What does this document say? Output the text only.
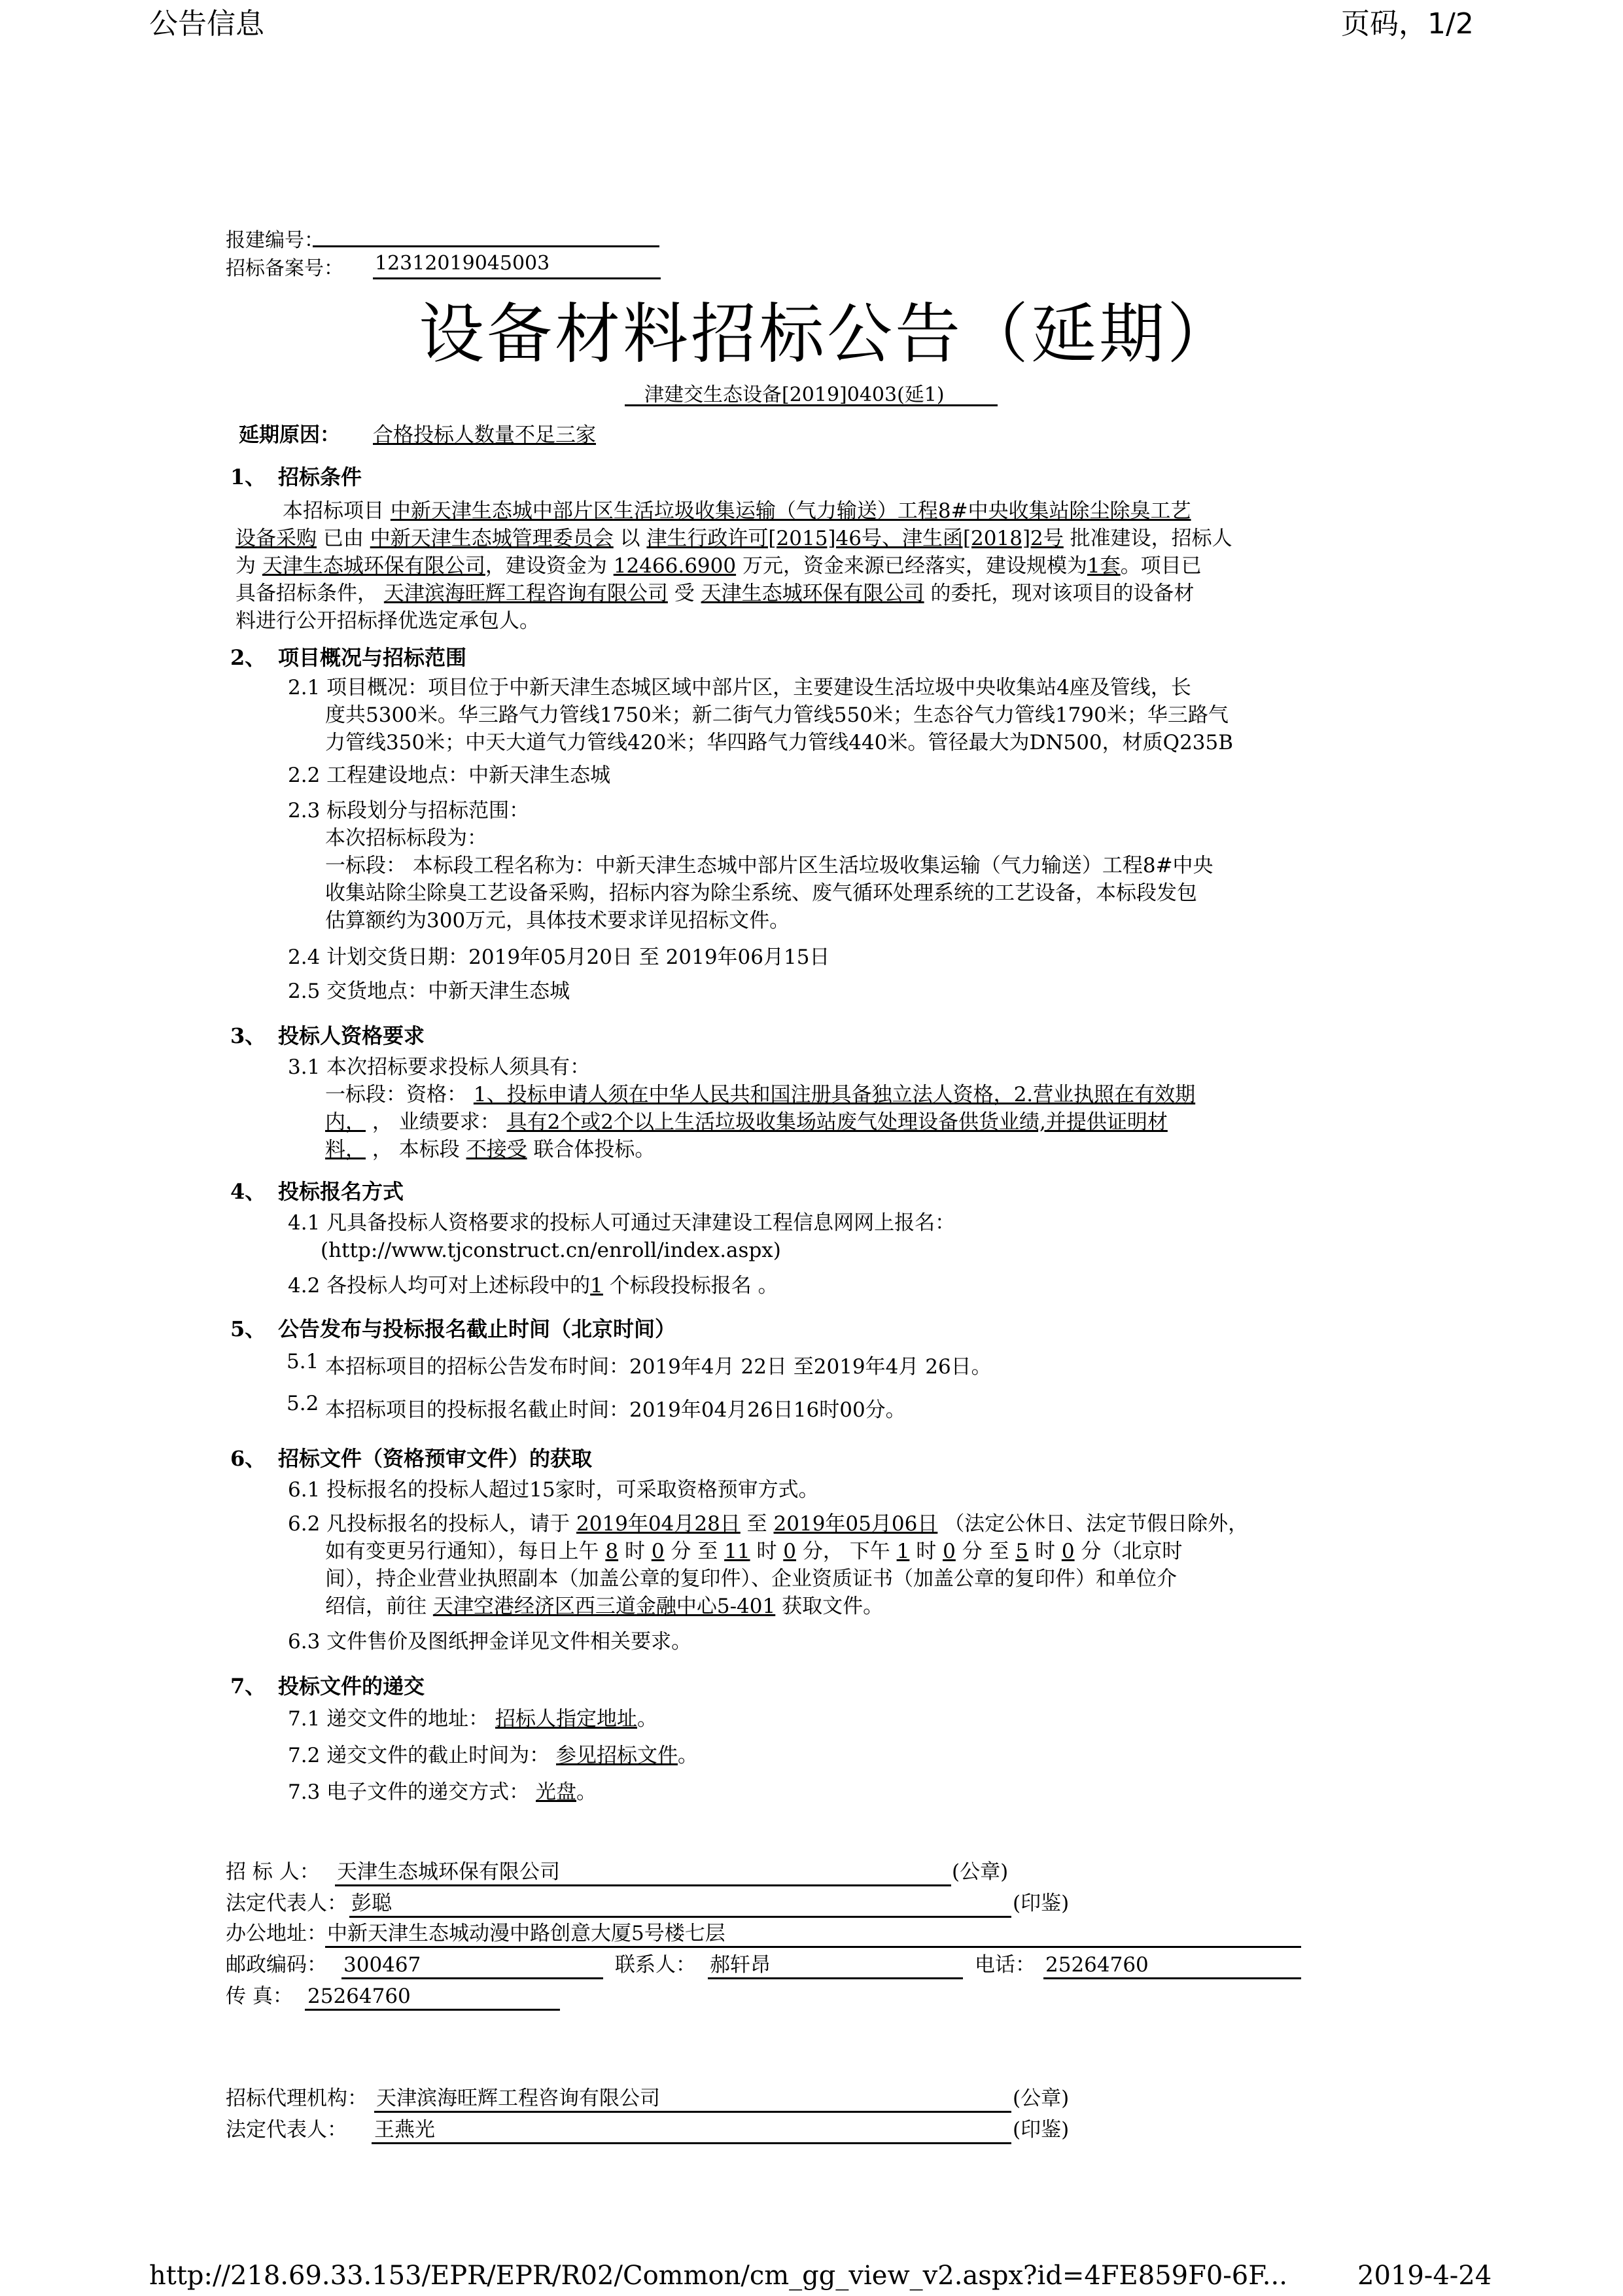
公告信息	页码，1/2
报建编号：
招标备案号： 12312019045003
设备材料招标公告（延期）
津建交生态设备[2019]0403(延1)
延期原因： 合格投标人数量不足三家
1、 招标条件
本招标项目 中新天津生态城中部片区生活垃圾收集运输（气力输送）工程8#中央收集站除尘除臭工艺
设备采购 已由 中新天津生态城管理委员会 以 津生行政许可[2015]46号、津生函[2018]2号 批准建设，招标人
为 天津生态城环保有限公司，建设资金为 12466.6900 万元，资金来源已经落实，建设规模为1套。项目已
具备招标条件， 天津滨海旺辉工程咨询有限公司 受 天津生态城环保有限公司 的委托，现对该项目的设备材
料进行公开招标择优选定承包人。
2、 项目概况与招标范围
2.1 项目概况：项目位于中新天津生态城区域中部片区，主要建设生活垃圾中央收集站4座及管线，长
度共5300米。华三路气力管线1750米；新二街气力管线550米；生态谷气力管线1790米；华三路气
力管线350米；中天大道气力管线420米；华四路气力管线440米。管径最大为DN500，材质Q235B
2.2 工程建设地点：中新天津生态城
2.3 标段划分与招标范围：
本次招标标段为：
一标段： 本标段工程名称为：中新天津生态城中部片区生活垃圾收集运输（气力输送）工程8#中央
收集站除尘除臭工艺设备采购，招标内容为除尘系统、废气循环处理系统的工艺设备，本标段发包
估算额约为300万元，具体技术要求详见招标文件。
2.4 计划交货日期：2019年05月20日 至 2019年06月15日
2.5 交货地点：中新天津生态城
3、 投标人资格要求
3.1 本次招标要求投标人须具有：
一标段：资格： 1、投标申请人须在中华人民共和国注册具备独立法人资格，2.营业执照在有效期
内， ， 业绩要求： 具有2个或2个以上生活垃圾收集场站废气处理设备供货业绩,并提供证明材
料， ， 本标段 不接受 联合体投标。
4、 投标报名方式
4.1 凡具备投标人资格要求的投标人可通过天津建设工程信息网网上报名：
(http://www.tjconstruct.cn/enroll/index.aspx)
4.2 各投标人均可对上述标段中的1 个标段投标报名 。
5、 公告发布与投标报名截止时间（北京时间）
5.1 本招标项目的招标公告发布时间：2019年4月 22日 至2019年4月 26日。
5.2 本招标项目的投标报名截止时间：2019年04月26日16时00分。
6、 招标文件（资格预审文件）的获取
6.1 投标报名的投标人超过15家时，可采取资格预审方式。
6.2 凡投标报名的投标人，请于 2019年04月28日 至 2019年05月06日 （法定公休日、法定节假日除外，
如有变更另行通知），每日上午 8 时 0 分 至 11 时 0 分， 下午 1 时 0 分 至 5 时 0 分（北京时
间），持企业营业执照副本（加盖公章的复印件）、企业资质证书（加盖公章的复印件）和单位介
绍信，前往 天津空港经济区西三道金融中心5-401 获取文件。
6.3 文件售价及图纸押金详见文件相关要求。
7、 投标文件的递交
7.1 递交文件的地址： 招标人指定地址。
7.2 递交文件的截止时间为： 参见招标文件。
7.3 电子文件的递交方式： 光盘。
招 标 人： 天津生态城环保有限公司	(公章)
法定代表人： 彭聪	(印鉴)
办公地址： 中新天津生态城动漫中路创意大厦5号楼七层
邮政编码： 300467	联系人： 郝轩昂	电话： 25264760
传 真： 25264760
招标代理机构： 天津滨海旺辉工程咨询有限公司	(公章)
法定代表人： 王燕光	(印鉴)
http://218.69.33.153/EPR/EPR/R02/Common/cm_gg_view_v2.aspx?id=4FE859F0-6F...	2019-4-24
